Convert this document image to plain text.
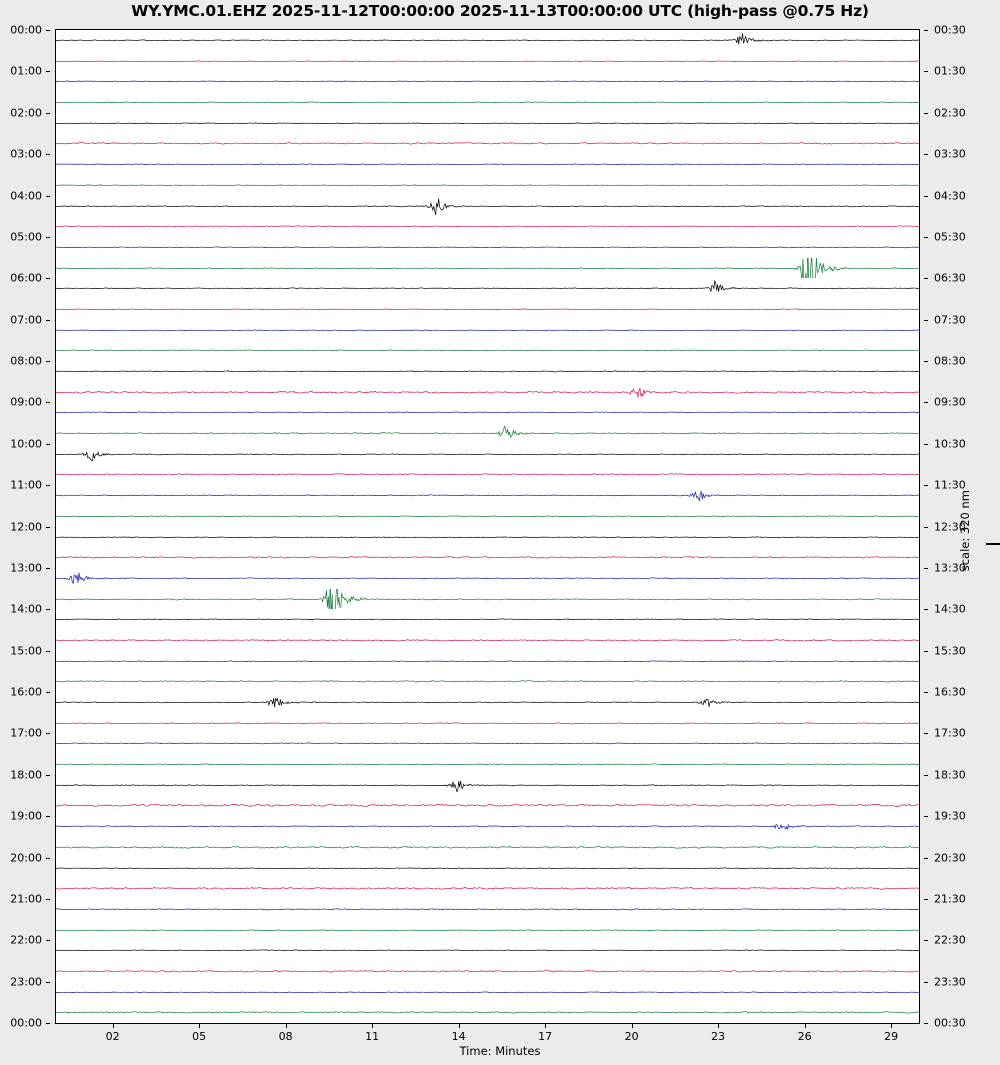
WY.YMC.01.EHZ 2025-11-12T00:00:00 2025-11-13T00:00:00 UTC (high-pass @0.75 Hz)
00:00
01:00
02:00
03:00
04:00
05:00
06:00
07:00
08:00
09:00
10:00
11:00
12:00
13:00
14:00
15:00
16:00
17:00
18:00
19:00
20:00
21:00
22:00
23:00
00:00
00:30
01:30
02:30
03:30
04:30
05:30
06:30
07:30
08:30
09:30
10:30
11:30
12:30
13:30
14:30
15:30
16:30
17:30
18:30
19:30
20:30
21:30
22:30
23:30
00:30
02	05	08	11	14	17	20	23	26	29
Time: Minutes
scale: 320 nm
